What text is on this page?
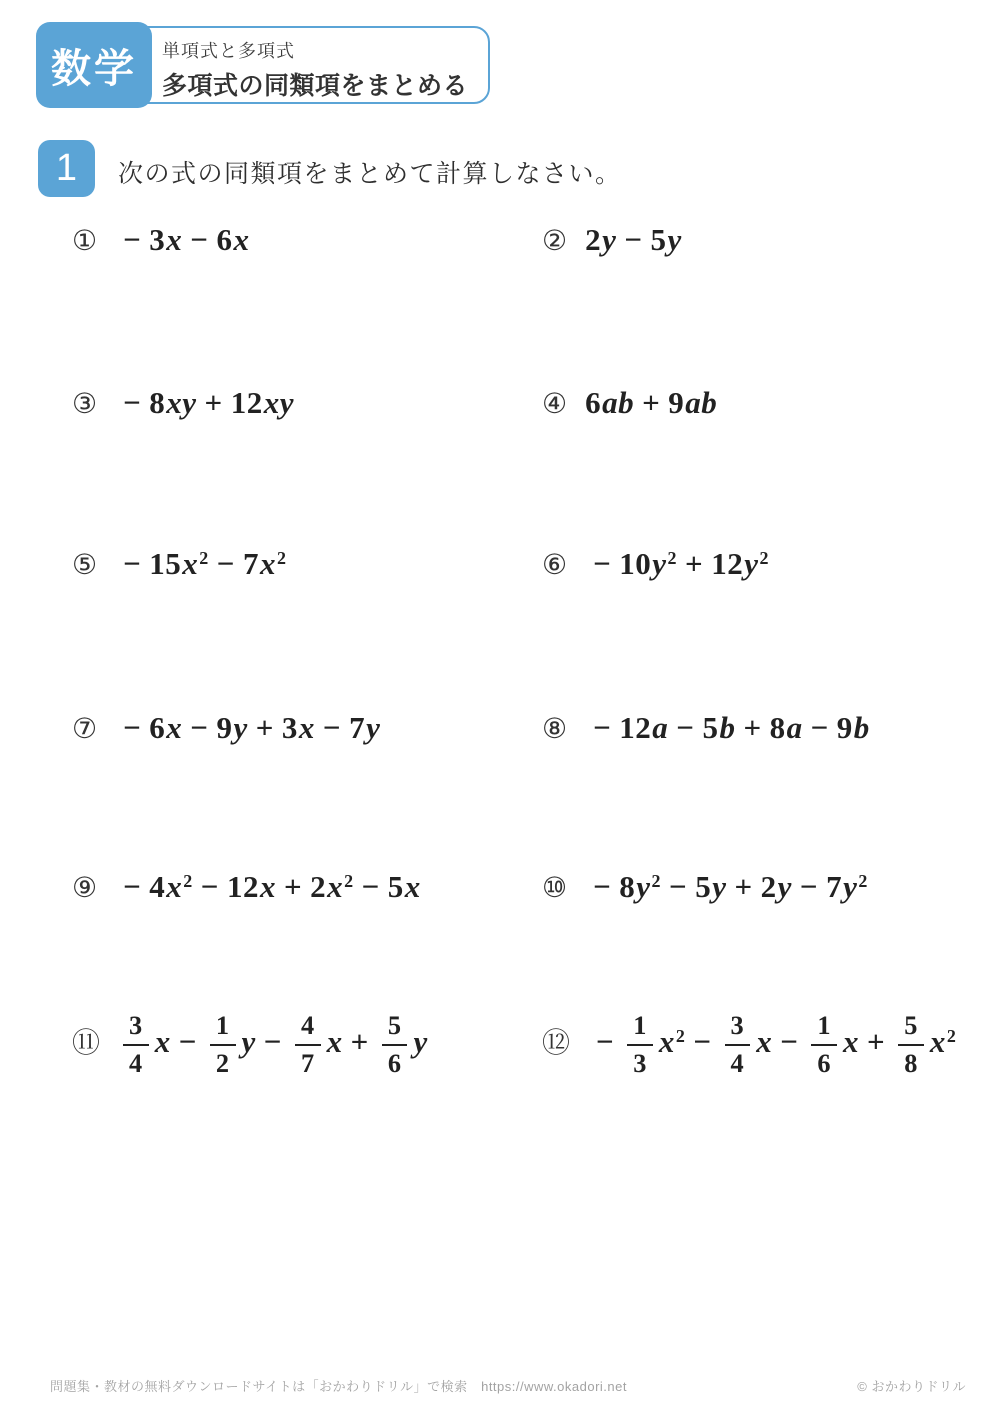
単項式と多項式
多項式の同類項をまとめる
数学
1	次の式の同類項をまとめて計算しなさい。
① − 3x − 6x	② 2y − 5y
③ − 8xy + 12xy	④ 6ab + 9ab
⑤ − $15x^2 - 7x^2$	⑥ − $10y^2 + 12y^2$
⑦ − 6x − 9y + 3x − 7y	⑧ − 12a − 5b + 8a − 9b
⑨ − $4x^2 - 12x + 2x^2 - 5x$	⑩ − $8y^2 - 5y + 2y - 7y^2$
⑪ $\frac{3}{4}$ $x - \frac{1}{2}$ $y - \frac{4}{7}$ $x + \frac{5}{6}$ y	⑫ − $\frac{1}{3} x^2 - \frac{3}{4}$ $x - \frac{1}{6}$ $x + \frac{5}{8} x^2$
問題集・教材の無料ダウンロードサイトは「おかわりドリル」で検索　https://www.okadori.net	© おかわりドリル
